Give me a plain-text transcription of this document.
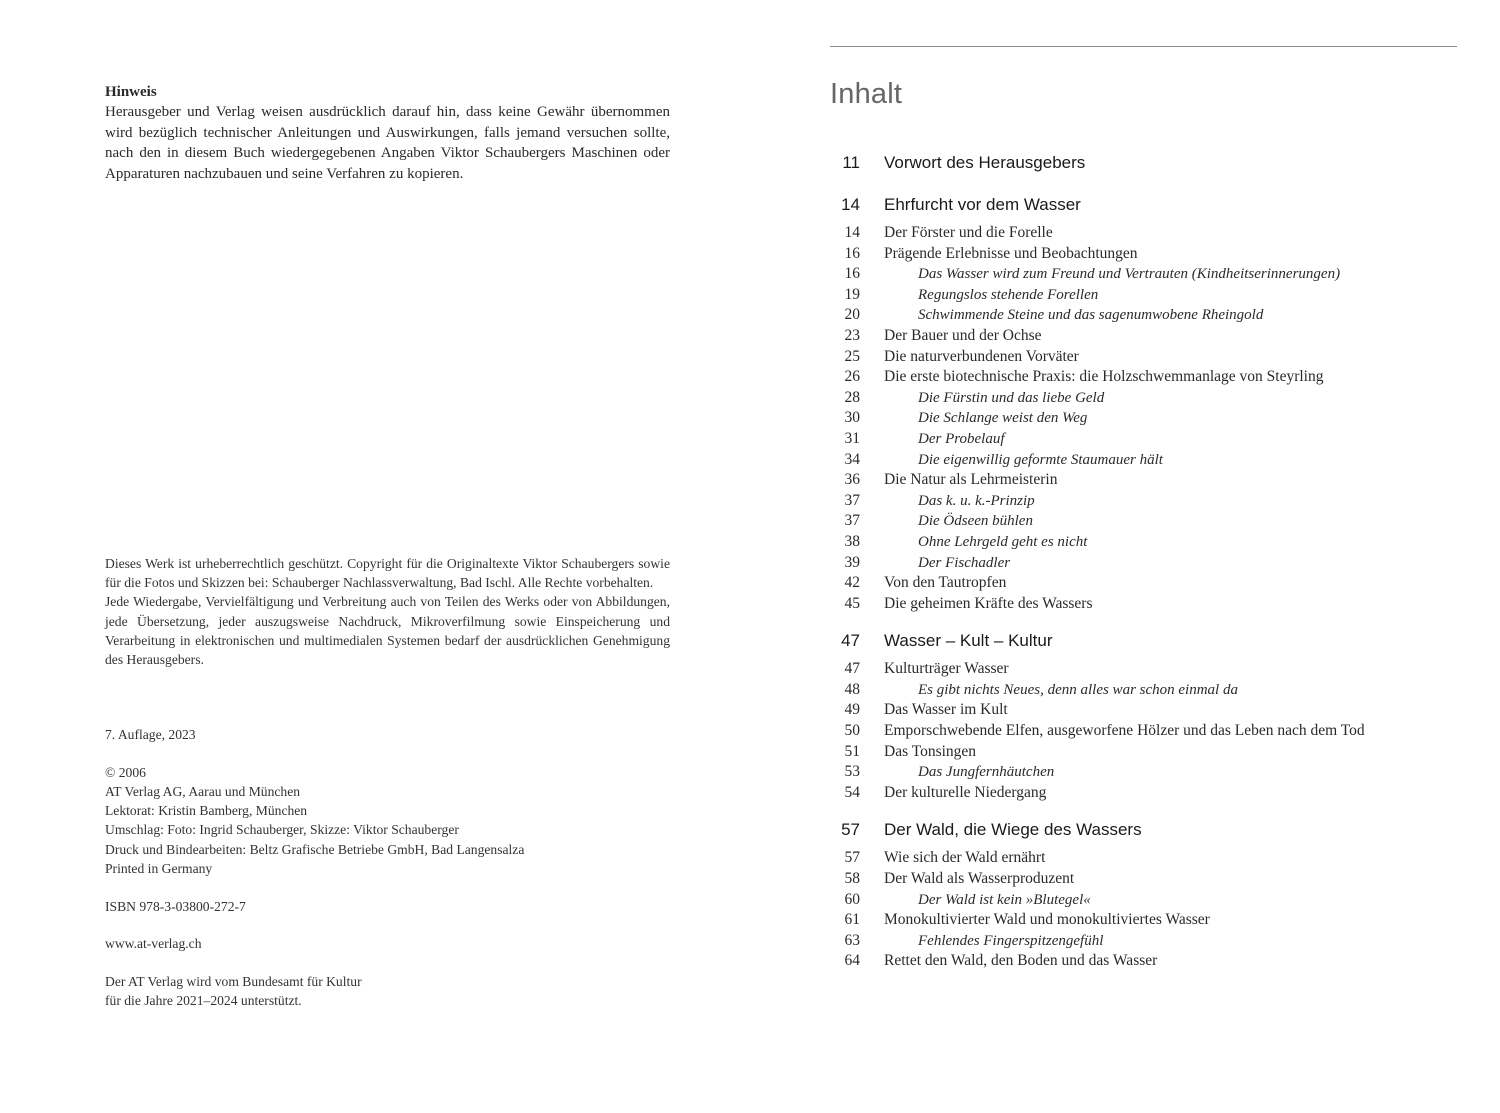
Hinweis
Herausgeber und Verlag weisen ausdrücklich darauf hin, dass keine Gewähr übernommen wird bezüglich technischer Anleitungen und Auswirkungen, falls jemand versuchen sollte, nach den in diesem Buch wiedergegebenen Angaben Viktor Schaubergers Maschinen oder Apparaturen nachzubauen und seine Verfahren zu kopieren.
Dieses Werk ist urheberrechtlich geschützt. Copyright für die Originaltexte Viktor Schaubergers sowie für die Fotos und Skizzen bei: Schauberger Nachlassverwaltung, Bad Ischl. Alle Rechte vorbehalten.
Jede Wiedergabe, Vervielfältigung und Verbreitung auch von Teilen des Werks oder von Abbildungen, jede Übersetzung, jeder auszugsweise Nachdruck, Mikroverfilmung sowie Einspeicherung und Verarbeitung in elektronischen und multimedialen Systemen bedarf der ausdrücklichen Genehmigung des Herausgebers.
7. Auflage, 2023
© 2006
AT Verlag AG, Aarau und München
Lektorat: Kristin Bamberg, München
Umschlag: Foto: Ingrid Schauberger, Skizze: Viktor Schauberger
Druck und Bindearbeiten: Beltz Grafische Betriebe GmbH, Bad Langensalza
Printed in Germany
ISBN 978-3-03800-272-7
www.at-verlag.ch
Der AT Verlag wird vom Bundesamt für Kultur
für die Jahre 2021–2024 unterstützt.
Inhalt
11	Vorwort des Herausgebers
14	Ehrfurcht vor dem Wasser
14	Der Förster und die Forelle
16	Prägende Erlebnisse und Beobachtungen
16	Das Wasser wird zum Freund und Vertrauten (Kindheitserinnerungen)
19	Regungslos stehende Forellen
20	Schwimmende Steine und das sagenumwobene Rheingold
23	Der Bauer und der Ochse
25	Die naturverbundenen Vorväter
26	Die erste biotechnische Praxis: die Holzschwemmanlage von Steyrling
28	Die Fürstin und das liebe Geld
30	Die Schlange weist den Weg
31	Der Probelauf
34	Die eigenwillig geformte Staumauer hält
36	Die Natur als Lehrmeisterin
37	Das k. u. k.-Prinzip
37	Die Ödseen bühlen
38	Ohne Lehrgeld geht es nicht
39	Der Fischadler
42	Von den Tautropfen
45	Die geheimen Kräfte des Wassers
47	Wasser – Kult – Kultur
47	Kulturträger Wasser
48	Es gibt nichts Neues, denn alles war schon einmal da
49	Das Wasser im Kult
50	Emporschwebende Elfen, ausgeworfene Hölzer und das Leben nach dem Tod
51	Das Tonsingen
53	Das Jungfernhäutchen
54	Der kulturelle Niedergang
57	Der Wald, die Wiege des Wassers
57	Wie sich der Wald ernährt
58	Der Wald als Wasserproduzent
60	Der Wald ist kein »Blutegel«
61	Monokultivierter Wald und monokultiviertes Wasser
63	Fehlendes Fingerspitzengefühl
64	Rettet den Wald, den Boden und das Wasser
